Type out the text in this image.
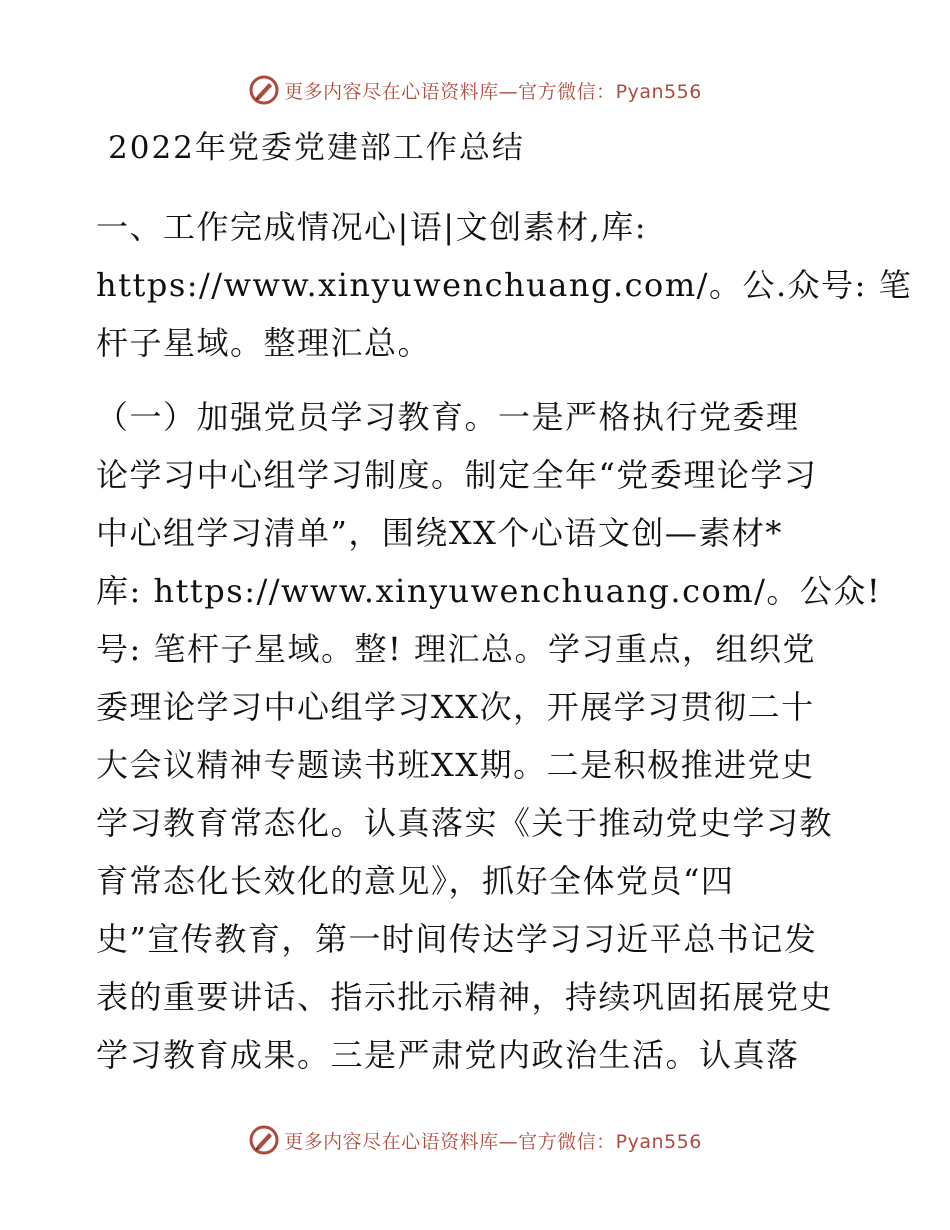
更多内容尽在心语资料库—官方微信：Pyan556
2022年党委党建部工作总结
一、工作完成情况心|语|文创素材,库:
https://www.xinyuwenchuang.com/。公.众号: 笔
杆子星域。整理汇总。
（一）加强党员学习教育。一是严格执行党委理
论学习中心组学习制度。制定全年“党委理论学习
中心组学习清单”，围绕XX个心语文创—素材*
库: https://www.xinyuwenchuang.com/。公众!
号: 笔杆子星域。整! 理汇总。学习重点，组织党
委理论学习中心组学习XX次，开展学习贯彻二十
大会议精神专题读书班XX期。二是积极推进党史
学习教育常态化。认真落实《关于推动党史学习教
育常态化长效化的意见》，抓好全体党员“四
史”宣传教育，第一时间传达学习习近平总书记发
表的重要讲话、指示批示精神，持续巩固拓展党史
学习教育成果。三是严肃党内政治生活。认真落
更多内容尽在心语资料库—官方微信：Pyan556
